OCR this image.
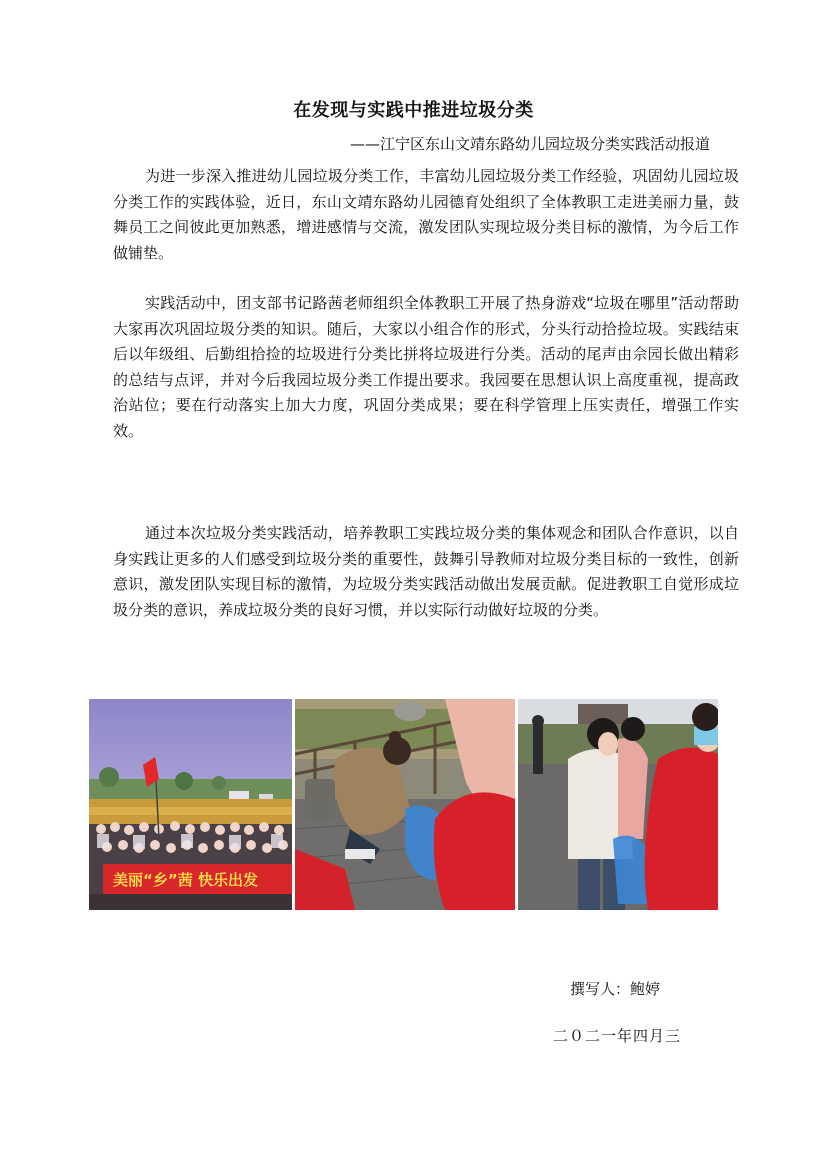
在发现与实践中推进垃圾分类
——江宁区东山文靖东路幼儿园垃圾分类实践活动报道

为进一步深入推进幼儿园垃圾分类工作，丰富幼儿园垃圾分类工作经验，巩固幼儿园垃圾分类工作的实践体验，近日，东山文靖东路幼儿园德育处组织了全体教职工走进美丽力量，鼓舞员工之间彼此更加熟悉，增进感情与交流，激发团队实现垃圾分类目标的激情，为今后工作做铺垫。

实践活动中，团支部书记路茜老师组织全体教职工开展了热身游戏“垃圾在哪里”活动帮助大家再次巩固垃圾分类的知识。随后，大家以小组合作的形式，分头行动拾捡垃圾。实践结束后以年级组、后勤组拾捡的垃圾进行分类比拼将垃圾进行分类。活动的尾声由佘园长做出精彩的总结与点评，并对今后我园垃圾分类工作提出要求。我园要在思想认识上高度重视，提高政治站位；要在行动落实上加大力度，巩固分类成果；要在科学管理上压实责任，增强工作实效。

通过本次垃圾分类实践活动，培养教职工实践垃圾分类的集体观念和团队合作意识，以自身实践让更多的人们感受到垃圾分类的重要性，鼓舞引导教师对垃圾分类目标的一致性，创新意识，激发团队实现目标的激情，为垃圾分类实践活动做出发展贡献。促进教职工自觉形成垃圾分类的意识，养成垃圾分类的良好习惯，并以实际行动做好垃圾的分类。

美丽“乡”茜 快乐出发
撰写人：鲍婷
二０二一年四月三
